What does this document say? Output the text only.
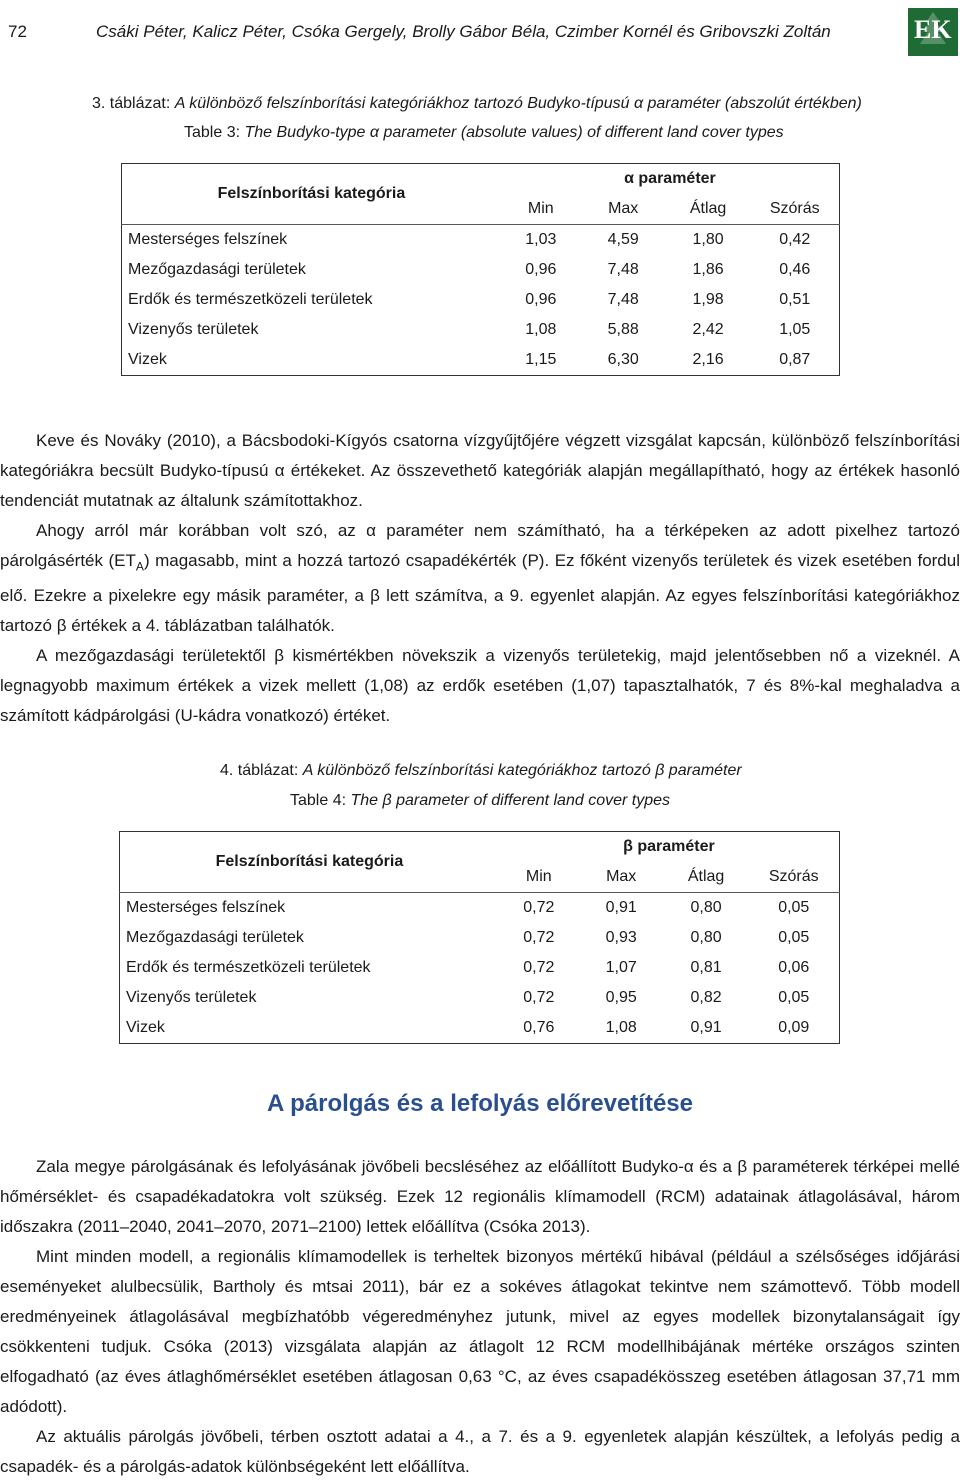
72	Csáki Péter, Kalicz Péter, Csóka Gergely, Brolly Gábor Béla, Czimber Kornél és Gribovszki Zoltán	EK
3. táblázat: A különböző felszínborítási kategóriákhoz tartozó Budyko-típusú α paraméter (abszolút értékben)
Table 3: The Budyko-type α parameter (absolute values) of different land cover types
Felszínborítási kategória	α paraméter			
	Min	Max	Átlag	Szórás
Mesterséges felszínek	1,03	4,59	1,80	0,42
Mezőgazdasági területek	0,96	7,48	1,86	0,46
Erdők és természetközeli területek	0,96	7,48	1,98	0,51
Vizenyős területek	1,08	5,88	2,42	1,05
Vizek	1,15	6,30	2,16	0,87

Keve és Nováky (2010), a Bácsbodoki-Kígyós csatorna vízgyűjtőjére végzett vizsgálat kapcsán, különböző felszínborítási kategóriákra becsült Budyko-típusú α értékeket. Az összevethető kategóriák alapján megállapítható, hogy az értékek hasonló tendenciát mutatnak az általunk számítottakhoz.

Ahogy arról már korábban volt szó, az α paraméter nem számítható, ha a térképeken az adott pixelhez tartozó párolgásérték $(ET_A)$ magasabb, mint a hozzá tartozó csapadékérték (P). Ez főként vizenyős területek és vizek esetében fordul elő. Ezekre a pixelekre egy másik paraméter, a β lett számítva, a 9. egyenlet alapján. Az egyes felszínborítási kategóriákhoz tartozó β értékek a 4. táblázatban találhatók.

A mezőgazdasági területektől β kismértékben növekszik a vizenyős területekig, majd jelentősebben nő a vizeknél. A legnagyobb maximum értékek a vizek mellett (1,08) az erdők esetében (1,07) tapasztalhatók, 7 és 8%-kal meghaladva a számított kádpárolgási (U-kádra vonatkozó) értéket.

4. táblázat: A különböző felszínborítási kategóriákhoz tartozó β paraméter
Table 4: The β parameter of different land cover types
Felszínborítási kategória	β paraméter			
	Min	Max	Átlag	Szórás
Mesterséges felszínek	0,72	0,91	0,80	0,05
Mezőgazdasági területek	0,72	0,93	0,80	0,05
Erdők és természetközeli területek	0,72	1,07	0,81	0,06
Vizenyős területek	0,72	0,95	0,82	0,05
Vizek	0,76	1,08	0,91	0,09
A párolgás és a lefolyás előrevetítése

Zala megye párolgásának és lefolyásának jövőbeli becsléséhez az előállított Budyko-α és a β paraméterek térképei mellé hőmérséklet- és csapadékadatokra volt szükség. Ezek 12 regionális klímamodell (RCM) adatainak átlagolásával, három időszakra (2011–2040, 2041–2070, 2071–2100) lettek előállítva (Csóka 2013).

Mint minden modell, a regionális klímamodellek is terheltek bizonyos mértékű hibával (például a szélsőséges időjárási eseményeket alulbecsülik, Bartholy és mtsai 2011), bár ez a sokéves átlagokat tekintve nem számottevő. Több modell eredményeinek átlagolásával megbízhatóbb végeredményhez jutunk, mivel az egyes modellek bizonytalanságait így csökkenteni tudjuk. Csóka (2013) vizsgálata alapján az átlagolt 12 RCM modellhibájának mértéke országos szinten elfogadható (az éves átlaghőmérséklet esetében átlagosan 0,63 °C, az éves csapadékösszeg esetében átlagosan 37,71 mm adódott).

Az aktuális párolgás jövőbeli, térben osztott adatai a 4., a 7. és a 9. egyenletek alapján készültek, a lefolyás pedig a csapadék- és a párolgás-adatok különbségeként lett előállítva.
